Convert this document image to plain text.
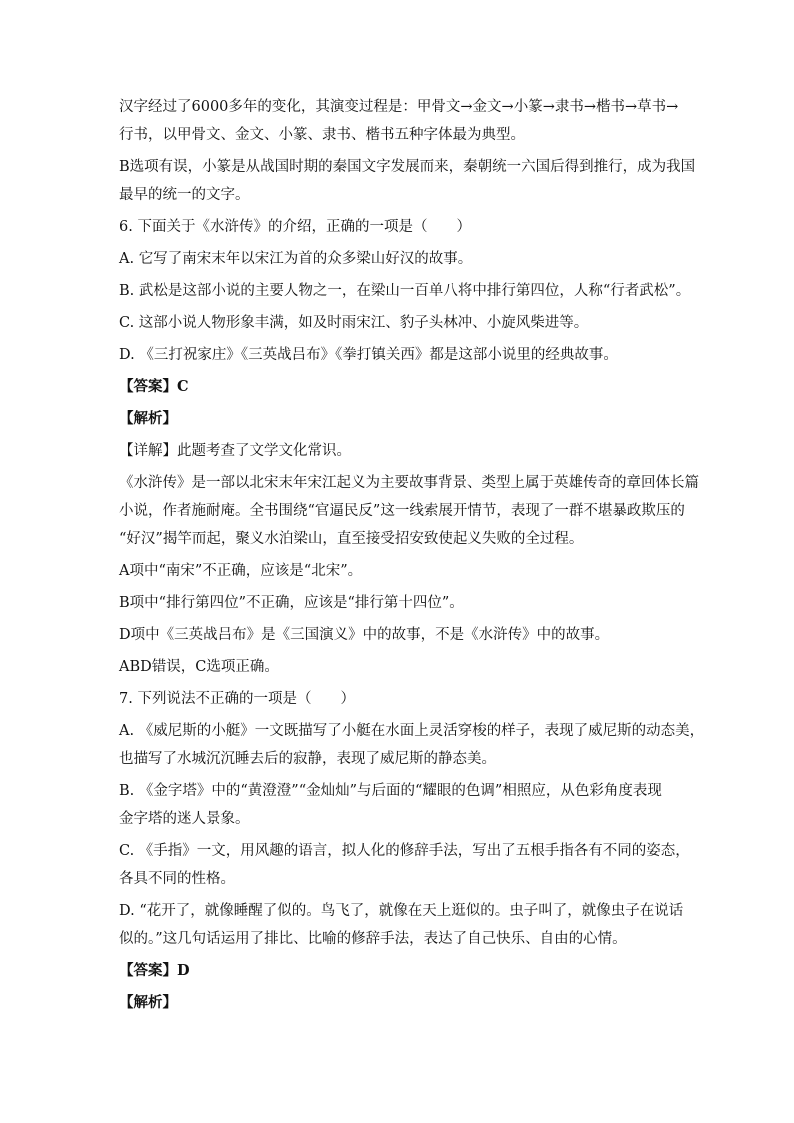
汉字经过了6000多年的变化，其演变过程是：甲骨文→金文→小篆→隶书→楷书→草书→

行书，以甲骨文、金文、小篆、隶书、楷书五种字体最为典型。

B选项有误，小篆是从战国时期的秦国文字发展而来，秦朝统一六国后得到推行，成为我国

最早的统一的文字。

6. 下面关于《水浒传》的介绍，正确的一项是（　　）

A. 它写了南宋末年以宋江为首的众多梁山好汉的故事。

B. 武松是这部小说的主要人物之一，在梁山一百单八将中排行第四位，人称“行者武松”。

C. 这部小说人物形象丰满，如及时雨宋江、豹子头林冲、小旋风柴进等。

D. 《三打祝家庄》《三英战吕布》《拳打镇关西》都是这部小说里的经典故事。

【答案】C

【解析】

【详解】此题考查了文学文化常识。

《水浒传》是一部以北宋末年宋江起义为主要故事背景、类型上属于英雄传奇的章回体长篇

小说，作者施耐庵。全书围绕“官逼民反”这一线索展开情节，表现了一群不堪暴政欺压的

“好汉”揭竿而起，聚义水泊梁山，直至接受招安致使起义失败的全过程。

A项中“南宋”不正确，应该是“北宋”。

B项中“排行第四位”不正确，应该是“排行第十四位”。

D项中《三英战吕布》是《三国演义》中的故事，不是《水浒传》中的故事。

ABD错误，C选项正确。

7. 下列说法不正确的一项是（　　）

A. 《威尼斯的小艇》一文既描写了小艇在水面上灵活穿梭的样子，表现了威尼斯的动态美，

也描写了水城沉沉睡去后的寂静，表现了威尼斯的静态美。

B. 《金字塔》中的“黄澄澄”“金灿灿”与后面的“耀眼的色调”相照应，从色彩角度表现

金字塔的迷人景象。

C. 《手指》一文，用风趣的语言，拟人化的修辞手法，写出了五根手指各有不同的姿态，

各具不同的性格。

D. “花开了，就像睡醒了似的。鸟飞了，就像在天上逛似的。虫子叫了，就像虫子在说话

似的。”这几句话运用了排比、比喻的修辞手法，表达了自己快乐、自由的心情。

【答案】D

【解析】
